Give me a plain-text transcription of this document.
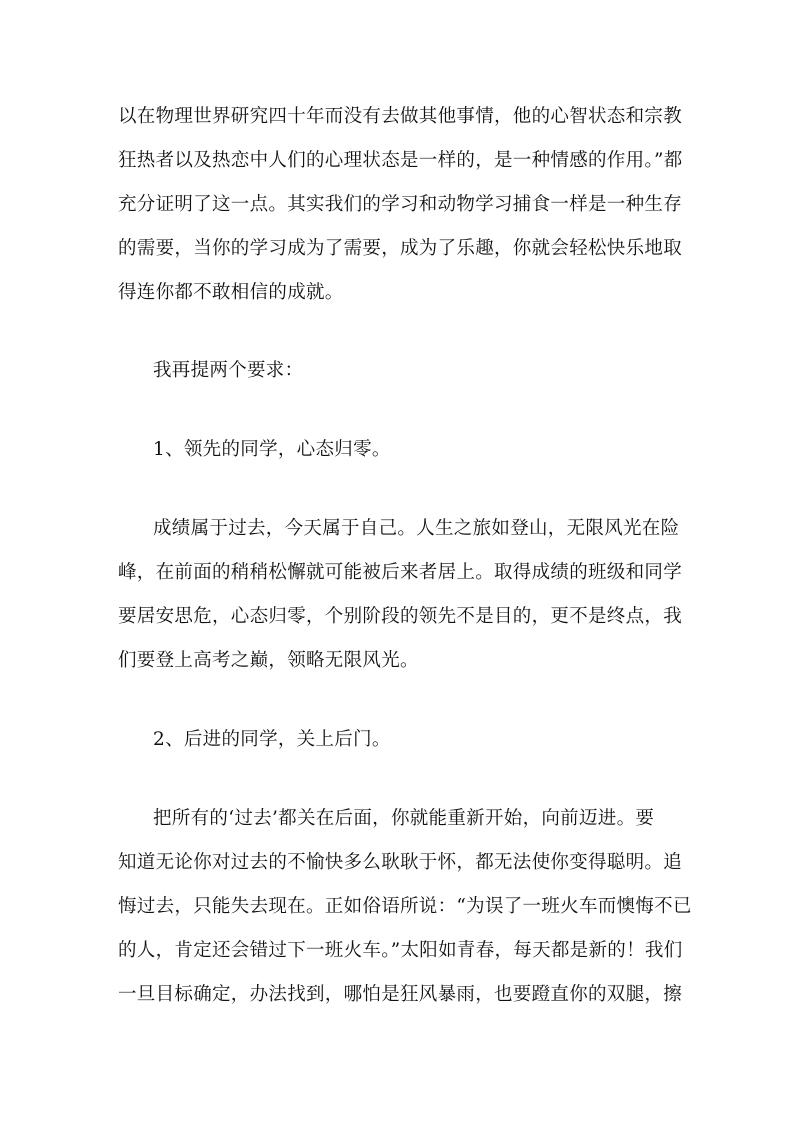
以在物理世界研究四十年而没有去做其他事情，他的心智状态和宗教
狂热者以及热恋中人们的心理状态是一样的，是一种情感的作用。”都
充分证明了这一点。其实我们的学习和动物学习捕食一样是一种生存
的需要，当你的学习成为了需要，成为了乐趣，你就会轻松快乐地取
得连你都不敢相信的成就。
我再提两个要求：
1、领先的同学，心态归零。
成绩属于过去，今天属于自己。人生之旅如登山，无限风光在险
峰，在前面的稍稍松懈就可能被后来者居上。取得成绩的班级和同学
要居安思危，心态归零，个别阶段的领先不是目的，更不是终点，我
们要登上高考之巅，领略无限风光。
2、后进的同学，关上后门。
把所有的‘过去’都关在后面，你就能重新开始，向前迈进。要
知道无论你对过去的不愉快多么耿耿于怀，都无法使你变得聪明。追
悔过去，只能失去现在。正如俗语所说：“为误了一班火车而懊悔不已
的人，肯定还会错过下一班火车。”太阳如青春，每天都是新的！我们
一旦目标确定，办法找到，哪怕是狂风暴雨，也要蹬直你的双腿，擦
